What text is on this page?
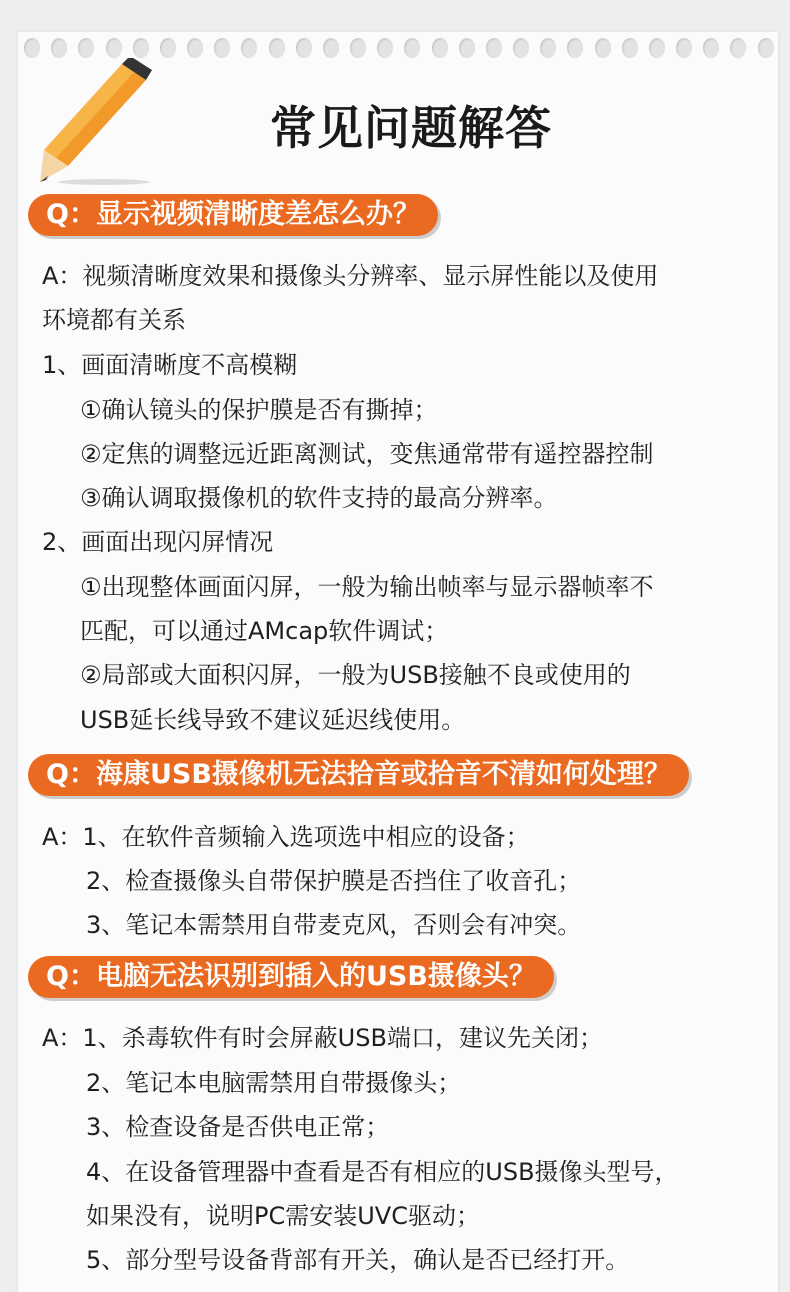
常见问题解答
Q：显示视频清晰度差怎么办？
A：视频清晰度效果和摄像头分辨率、显示屏性能以及使用
环境都有关系
1、画面清晰度不高模糊
①确认镜头的保护膜是否有撕掉；
②定焦的调整远近距离测试，变焦通常带有遥控器控制
③确认调取摄像机的软件支持的最高分辨率。
2、画面出现闪屏情况
①出现整体画面闪屏，一般为输出帧率与显示器帧率不
匹配，可以通过AMcap软件调试；
②局部或大面积闪屏，一般为USB接触不良或使用的
USB延长线导致不建议延迟线使用。
Q：海康USB摄像机无法拾音或拾音不清如何处理？
A：1、在软件音频输入选项选中相应的设备；
2、检查摄像头自带保护膜是否挡住了收音孔；
3、笔记本需禁用自带麦克风，否则会有冲突。
Q：电脑无法识别到插入的USB摄像头？
A：1、杀毒软件有时会屏蔽USB端口，建议先关闭；
2、笔记本电脑需禁用自带摄像头；
3、检查设备是否供电正常；
4、在设备管理器中查看是否有相应的USB摄像头型号，
如果没有，说明PC需安装UVC驱动；
5、部分型号设备背部有开关，确认是否已经打开。
